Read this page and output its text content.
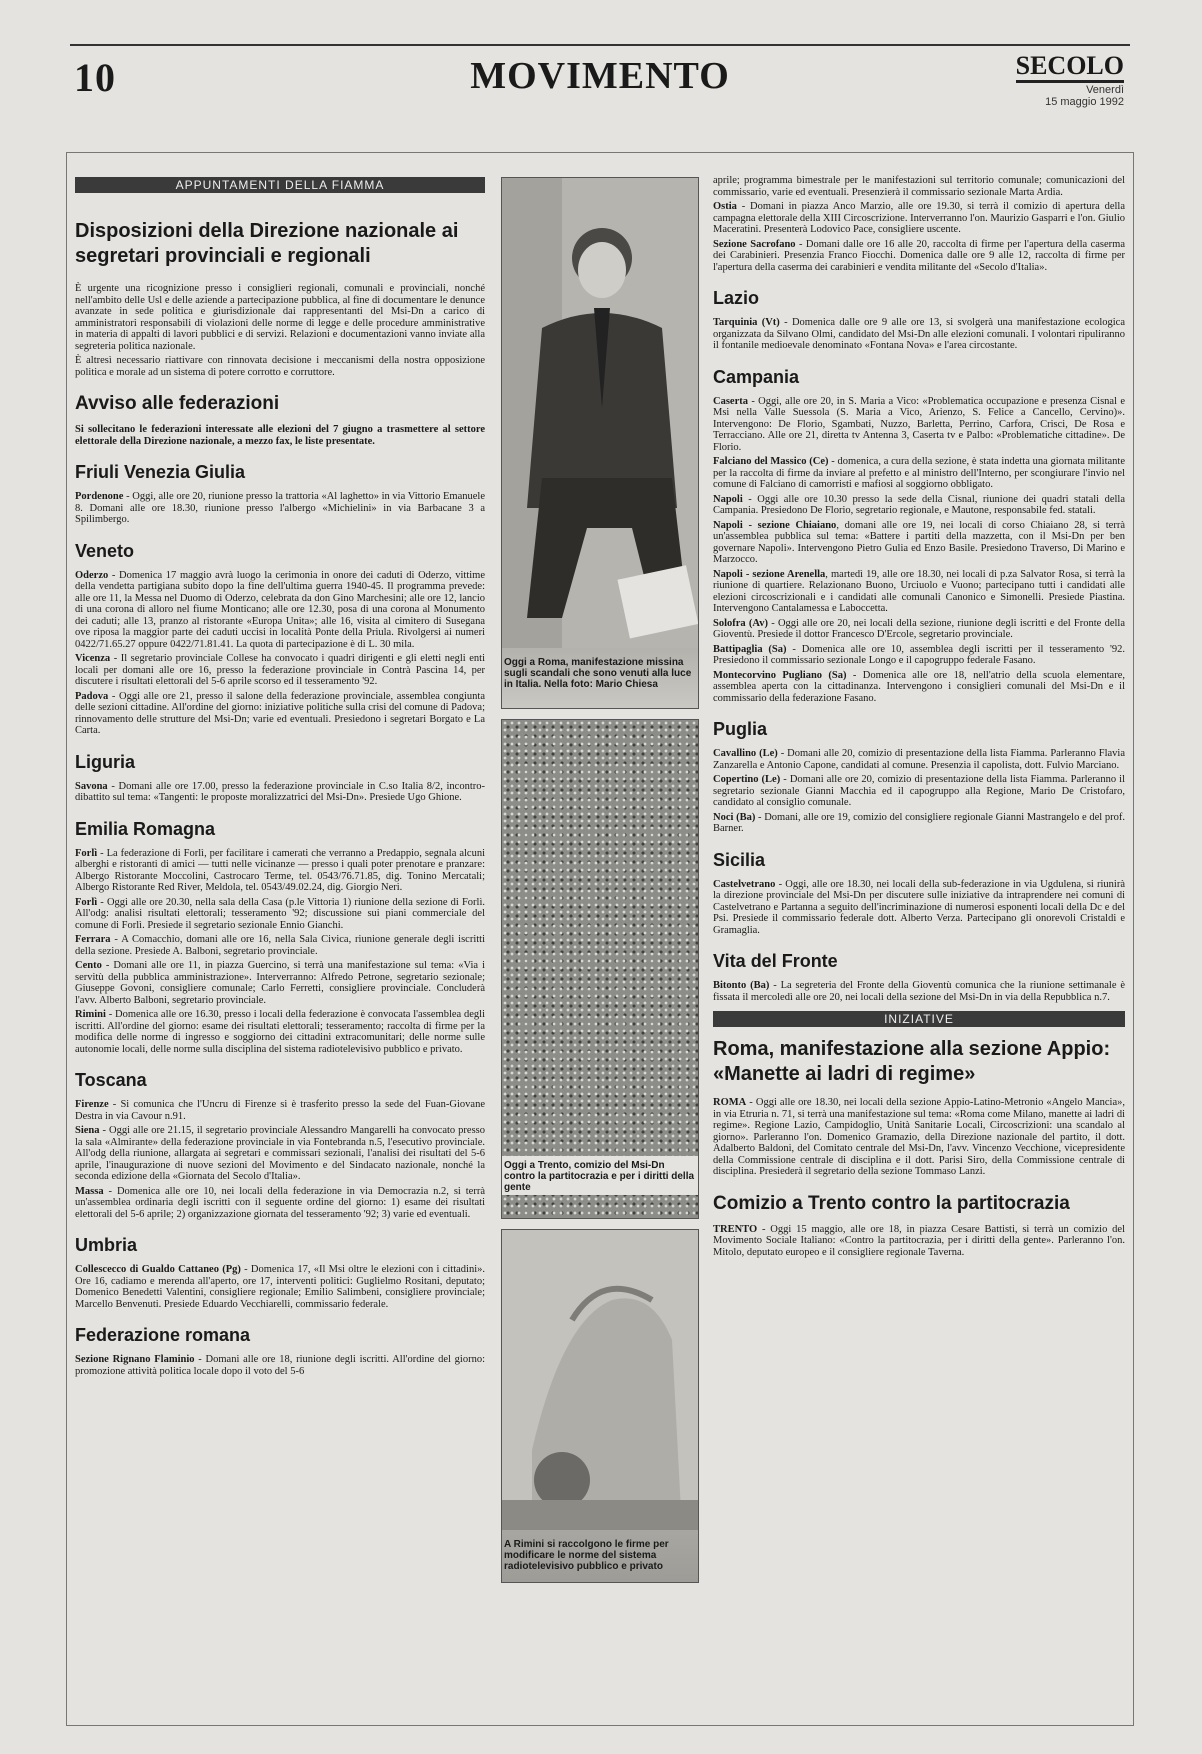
10	MOVIMENTO	SECOLO
Venerdì
15 maggio 1992
APPUNTAMENTI DELLA FIAMMA
Disposizioni della Direzione nazionale ai segretari provinciali e regionali

È urgente una ricognizione presso i consiglieri regionali, comunali e provinciali, nonché nell'ambito delle Usl e delle aziende a partecipazione pubblica, al fine di documentare le denunce avanzate in sede politica e giurisdizionale dai rappresentanti del Msi-Dn a carico di amministratori responsabili di violazioni delle norme di legge e delle procedure amministrative in materia di appalti di lavori pubblici e di servizi. Relazioni e documentazioni vanno inviate alla segreteria politica nazionale.

È altresì necessario riattivare con rinnovata decisione i meccanismi della nostra opposizione politica e morale ad un sistema di potere corrotto e corruttore.

Avviso alle federazioni

Si sollecitano le federazioni interessate alle elezioni del 7 giugno a trasmettere al settore elettorale della Direzione nazionale, a mezzo fax, le liste presentate.

Friuli Venezia Giulia

Pordenone - Oggi, alle ore 20, riunione presso la trattoria «Al laghetto» in via Vittorio Emanuele 8. Domani alle ore 18.30, riunione presso l'albergo «Michielini» in via Barbacane 3 a Spilimbergo.

Veneto

Oderzo - Domenica 17 maggio avrà luogo la cerimonia in onore dei caduti di Oderzo, vittime della vendetta partigiana subito dopo la fine dell'ultima guerra 1940-45. Il programma prevede: alle ore 11, la Messa nel Duomo di Oderzo, celebrata da don Gino Marchesini; alle ore 12, lancio di una corona di alloro nel fiume Monticano; alle ore 12.30, posa di una corona al Monumento dei caduti; alle 13, pranzo al ristorante «Europa Unita»; alle 16, visita al cimitero di Susegana ove riposa la maggior parte dei caduti uccisi in località Ponte della Priula. Rivolgersi ai numeri 0422/71.65.27 oppure 0422/71.81.41. La quota di partecipazione è di L. 30 mila.

Vicenza - Il segretario provinciale Collese ha convocato i quadri dirigenti e gli eletti negli enti locali per domani alle ore 16, presso la federazione provinciale in Contrà Pascina 14, per discutere i risultati elettorali del 5-6 aprile scorso ed il tesseramento '92.

Padova - Oggi alle ore 21, presso il salone della federazione provinciale, assemblea congiunta delle sezioni cittadine. All'ordine del giorno: iniziative politiche sulla crisi del comune di Padova; rinnovamento delle strutture del Msi-Dn; varie ed eventuali. Presiedono i segretari Borgato e La Carta.

Liguria

Savona - Domani alle ore 17.00, presso la federazione provinciale in C.so Italia 8/2, incontro-dibattito sul tema: «Tangenti: le proposte moralizzatrici del Msi-Dn». Presiede Ugo Ghione.

Emilia Romagna

Forlì - La federazione di Forlì, per facilitare i camerati che verranno a Predappio, segnala alcuni alberghi e ristoranti di amici — tutti nelle vicinanze — presso i quali poter prenotare e pranzare: Albergo Ristorante Moccolini, Castrocaro Terme, tel. 0543/76.71.85, dig. Tonino Mercatali; Albergo Ristorante Red River, Meldola, tel. 0543/49.02.24, dig. Giorgio Neri.

Forlì - Oggi alle ore 20.30, nella sala della Casa (p.le Vittoria 1) riunione della sezione di Forlì. All'odg: analisi risultati elettorali; tesseramento '92; discussione sui piani commerciale del comune di Forlì. Presiede il segretario sezionale Ennio Gianchi.

Ferrara - A Comacchio, domani alle ore 16, nella Sala Civica, riunione generale degli iscritti della sezione. Presiede A. Balboni, segretario provinciale.

Cento - Domani alle ore 11, in piazza Guercino, si terrà una manifestazione sul tema: «Via i servitù della pubblica amministrazione». Interverranno: Alfredo Petrone, segretario sezionale; Giuseppe Govoni, consigliere comunale; Carlo Ferretti, consigliere provinciale. Concluderà l'avv. Alberto Balboni, segretario provinciale.

Rimini - Domenica alle ore 16.30, presso i locali della federazione è convocata l'assemblea degli iscritti. All'ordine del giorno: esame dei risultati elettorali; tesseramento; raccolta di firme per la modifica delle norme di ingresso e soggiorno dei cittadini extracomunitari; delle norme sulle autonomie locali, delle norme sulla disciplina del sistema radiotelevisivo pubblico e privato.

Toscana

Firenze - Si comunica che l'Uncru di Firenze si è trasferito presso la sede del Fuan-Giovane Destra in via Cavour n.91.

Siena - Oggi alle ore 21.15, il segretario provinciale Alessandro Mangarelli ha convocato presso la sala «Almirante» della federazione provinciale in via Fontebranda n.5, l'esecutivo provinciale. All'odg della riunione, allargata ai segretari e commissari sezionali, l'analisi dei risultati del 5-6 aprile, l'inaugurazione di nuove sezioni del Movimento e del Sindacato nazionale, nonché la seconda edizione della «Giornata del Secolo d'Italia».

Massa - Domenica alle ore 10, nei locali della federazione in via Democrazia n.2, si terrà un'assemblea ordinaria degli iscritti con il seguente ordine del giorno: 1) esame dei risultati elettorali del 5-6 aprile; 2) organizzazione giornata del tesseramento '92; 3) varie ed eventuali.

Umbria

Collescecco di Gualdo Cattaneo (Pg) - Domenica 17, «Il Msi oltre le elezioni con i cittadini». Ore 16, cadiamo e merenda all'aperto, ore 17, interventi politici: Guglielmo Rositani, deputato; Domenico Benedetti Valentini, consigliere regionale; Emilio Salimbeni, consigliere provinciale; Marcello Benvenuti. Presiede Eduardo Vecchiarelli, commissario federale.

Federazione romana

Sezione Rignano Flaminio - Domani alle ore 18, riunione degli iscritti. All'ordine del giorno: promozione attività politica locale dopo il voto del 5-6

Oggi a Roma, manifestazione missina sugli scandali che sono venuti alla luce in Italia. Nella foto: Mario Chiesa
Oggi a Trento, comizio del Msi-Dn contro la partitocrazia e per i diritti della gente
A Rimini si raccolgono le firme per modificare le norme del sistema radiotelevisivo pubblico e privato

aprile; programma bimestrale per le manifestazioni sul territorio comunale; comunicazioni del commissario, varie ed eventuali. Presenzierà il commissario sezionale Marta Ardia.

Ostia - Domani in piazza Anco Marzio, alle ore 19.30, si terrà il comizio di apertura della campagna elettorale della XIII Circoscrizione. Interverranno l'on. Maurizio Gasparri e l'on. Giulio Maceratini. Presenterà Lodovico Pace, consigliere uscente.

Sezione Sacrofano - Domani dalle ore 16 alle 20, raccolta di firme per l'apertura della caserma dei Carabinieri. Presenzia Franco Fiocchi. Domenica dalle ore 9 alle 12, raccolta di firme per l'apertura della caserma dei carabinieri e vendita militante del «Secolo d'Italia».

Lazio

Tarquinia (Vt) - Domenica dalle ore 9 alle ore 13, si svolgerà una manifestazione ecologica organizzata da Silvano Olmi, candidato del Msi-Dn alle elezioni comunali. I volontari ripuliranno il fontanile medioevale denominato «Fontana Nova» e l'area circostante.

Campania

Caserta - Oggi, alle ore 20, in S. Maria a Vico: «Problematica occupazione e presenza Cisnal e Msi nella Valle Suessola (S. Maria a Vico, Arienzo, S. Felice a Cancello, Cervino)». Intervengono: De Florio, Sgambati, Nuzzo, Barletta, Perrino, Carfora, Crisci, De Rosa e Terracciano. Alle ore 21, diretta tv Antenna 3, Caserta tv e Palbo: «Problematiche cittadine». De Florio.

Falciano del Massico (Ce) - domenica, a cura della sezione, è stata indetta una giornata militante per la raccolta di firme da inviare al prefetto e al ministro dell'Interno, per scongiurare l'invio nel comune di Falciano di camorristi e mafiosi al soggiorno obbligato.

Napoli - Oggi alle ore 10.30 presso la sede della Cisnal, riunione dei quadri statali della Campania. Presiedono De Florio, segretario regionale, e Mautone, responsabile fed. statali.

Napoli - sezione Chiaiano, domani alle ore 19, nei locali di corso Chiaiano 28, si terrà un'assemblea pubblica sul tema: «Battere i partiti della mazzetta, con il Msi-Dn per ben governare Napoli». Intervengono Pietro Gulia ed Enzo Basile. Presiedono Traverso, Di Marino e Marzocco.

Napoli - sezione Arenella, martedì 19, alle ore 18.30, nei locali di p.za Salvator Rosa, si terrà la riunione di quartiere. Relazionano Buono, Urciuolo e Vuono; partecipano tutti i candidati alle elezioni circoscrizionali e i candidati alle comunali Canonico e Simonelli. Presiede Piastina. Intervengono Cantalamessa e Laboccetta.

Solofra (Av) - Oggi alle ore 20, nei locali della sezione, riunione degli iscritti e del Fronte della Gioventù. Presiede il dottor Francesco D'Ercole, segretario provinciale.

Battipaglia (Sa) - Domenica alle ore 10, assemblea degli iscritti per il tesseramento '92. Presiedono il commissario sezionale Longo e il capogruppo federale Fasano.

Montecorvino Pugliano (Sa) - Domenica alle ore 18, nell'atrio della scuola elementare, assemblea aperta con la cittadinanza. Intervengono i consiglieri comunali del Msi-Dn e il commissario della federazione Fasano.

Puglia

Cavallino (Le) - Domani alle 20, comizio di presentazione della lista Fiamma. Parleranno Flavia Zanzarella e Antonio Capone, candidati al comune. Presenzia il capolista, dott. Fulvio Marciano.

Copertino (Le) - Domani alle ore 20, comizio di presentazione della lista Fiamma. Parleranno il segretario sezionale Gianni Macchia ed il capogruppo alla Regione, Mario De Cristofaro, candidato al consiglio comunale.

Noci (Ba) - Domani, alle ore 19, comizio del consigliere regionale Gianni Mastrangelo e del prof. Barner.

Sicilia

Castelvetrano - Oggi, alle ore 18.30, nei locali della sub-federazione in via Ugdulena, si riunirà la direzione provinciale del Msi-Dn per discutere sulle iniziative da intraprendere nei comuni di Castelvetrano e Partanna a seguito dell'incriminazione di numerosi esponenti locali della Dc e del Psi. Presiede il commissario federale dott. Alberto Verza. Partecipano gli onorevoli Cristaldi e Gramaglia.

Vita del Fronte

Bitonto (Ba) - La segreteria del Fronte della Gioventù comunica che la riunione settimanale è fissata il mercoledì alle ore 20, nei locali della sezione del Msi-Dn in via della Repubblica n.7.

INIZIATIVE
Roma, manifestazione alla sezione Appio: «Manette ai ladri di regime»

ROMA - Oggi alle ore 18.30, nei locali della sezione Appio-Latino-Metronio «Angelo Mancia», in via Etruria n. 71, si terrà una manifestazione sul tema: «Roma come Milano, manette ai ladri di regime». Regione Lazio, Campidoglio, Unità Sanitarie Locali, Circoscrizioni: una scandalo al giorno». Parleranno l'on. Domenico Gramazio, della Direzione nazionale del partito, il dott. Adalberto Baldoni, del Comitato centrale del Msi-Dn, l'avv. Vincenzo Vecchione, vicepresidente della Commissione centrale di disciplina e il dott. Parisi Siro, della Commissione centrale di disciplina. Presiederà il segretario della sezione Tommaso Lanzi.

Comizio a Trento contro la partitocrazia

TRENTO - Oggi 15 maggio, alle ore 18, in piazza Cesare Battisti, si terrà un comizio del Movimento Sociale Italiano: «Contro la partitocrazia, per i diritti della gente». Parleranno l'on. Mitolo, deputato europeo e il consigliere regionale Taverna.
